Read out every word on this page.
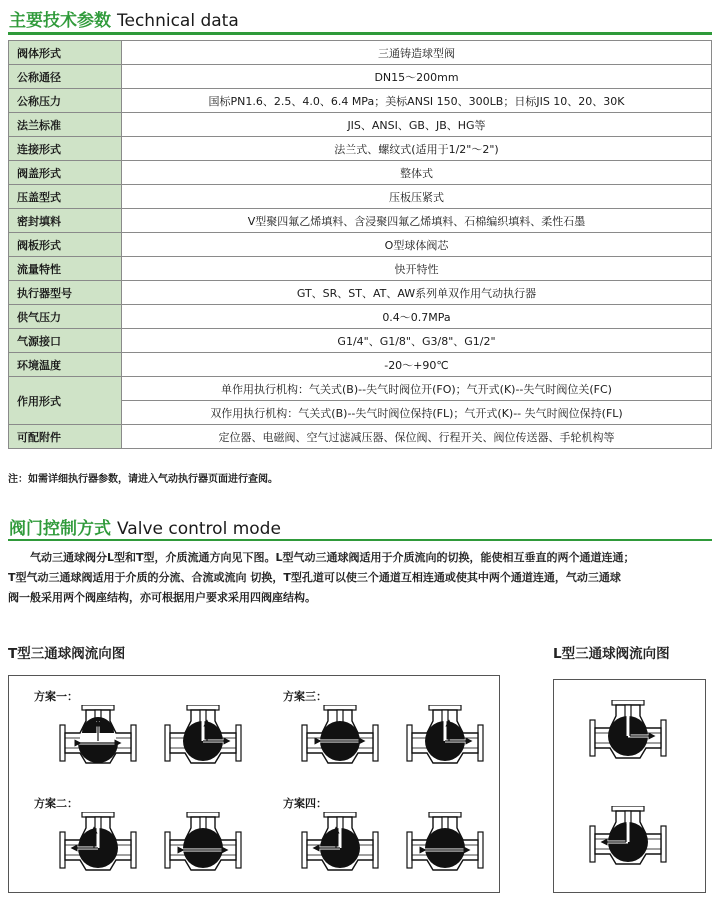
主要技术参数 Technical data
阀体形式	三通铸造球型阀
公称通径	DN15～200mm
公称压力	国标PN1.6、2.5、4.0、6.4 MPa；美标ANSI 150、300LB；日标JIS 10、20、30K
法兰标准	JIS、ANSI、GB、JB、HG等
连接形式	法兰式、螺纹式(适用于1/2"～2")
阀盖形式	整体式
压盖型式	压板压紧式
密封填料	V型聚四氟乙烯填料、含浸聚四氟乙烯填料、石棉编织填料、柔性石墨
阀板形式	O型球体阀芯
流量特性	快开特性
执行器型号	GT、SR、ST、AT、AW系列单双作用气动执行器
供气压力	0.4～0.7MPa
气源接口	G1/4"、G1/8"、G3/8"、G1/2"
环境温度	-20～+90℃
作用形式	单作用执行机构：气关式(B)--失气时阀位开(FO)；气开式(K)--失气时阀位关(FC)
	双作用执行机构：气关式(B)--失气时阀位保持(FL)；气开式(K)-- 失气时阀位保持(FL)
可配附件	定位器、电磁阀、空气过滤减压器、保位阀、行程开关、阀位传送器、手轮机构等
注：如需详细执行器参数，请进入气动执行器页面进行查阅。
阀门控制方式 Valve control mode
　　气动三通球阀分L型和T型，介质流通方向见下图。L型气动三通球阀适用于介质流向的切换，能使相互垂直的两个通道连通；
T型气动三通球阀适用于介质的分流、合流或流向 切换，T型孔道可以使三个通道互相连通或使其中两个通道连通，气动三通球
阀一般采用两个阀座结构，亦可根据用户要求采用四阀座结构。
T型三通球阀流向图	L型三通球阀流向图
方案一：
方案二：
方案三：
方案四：
